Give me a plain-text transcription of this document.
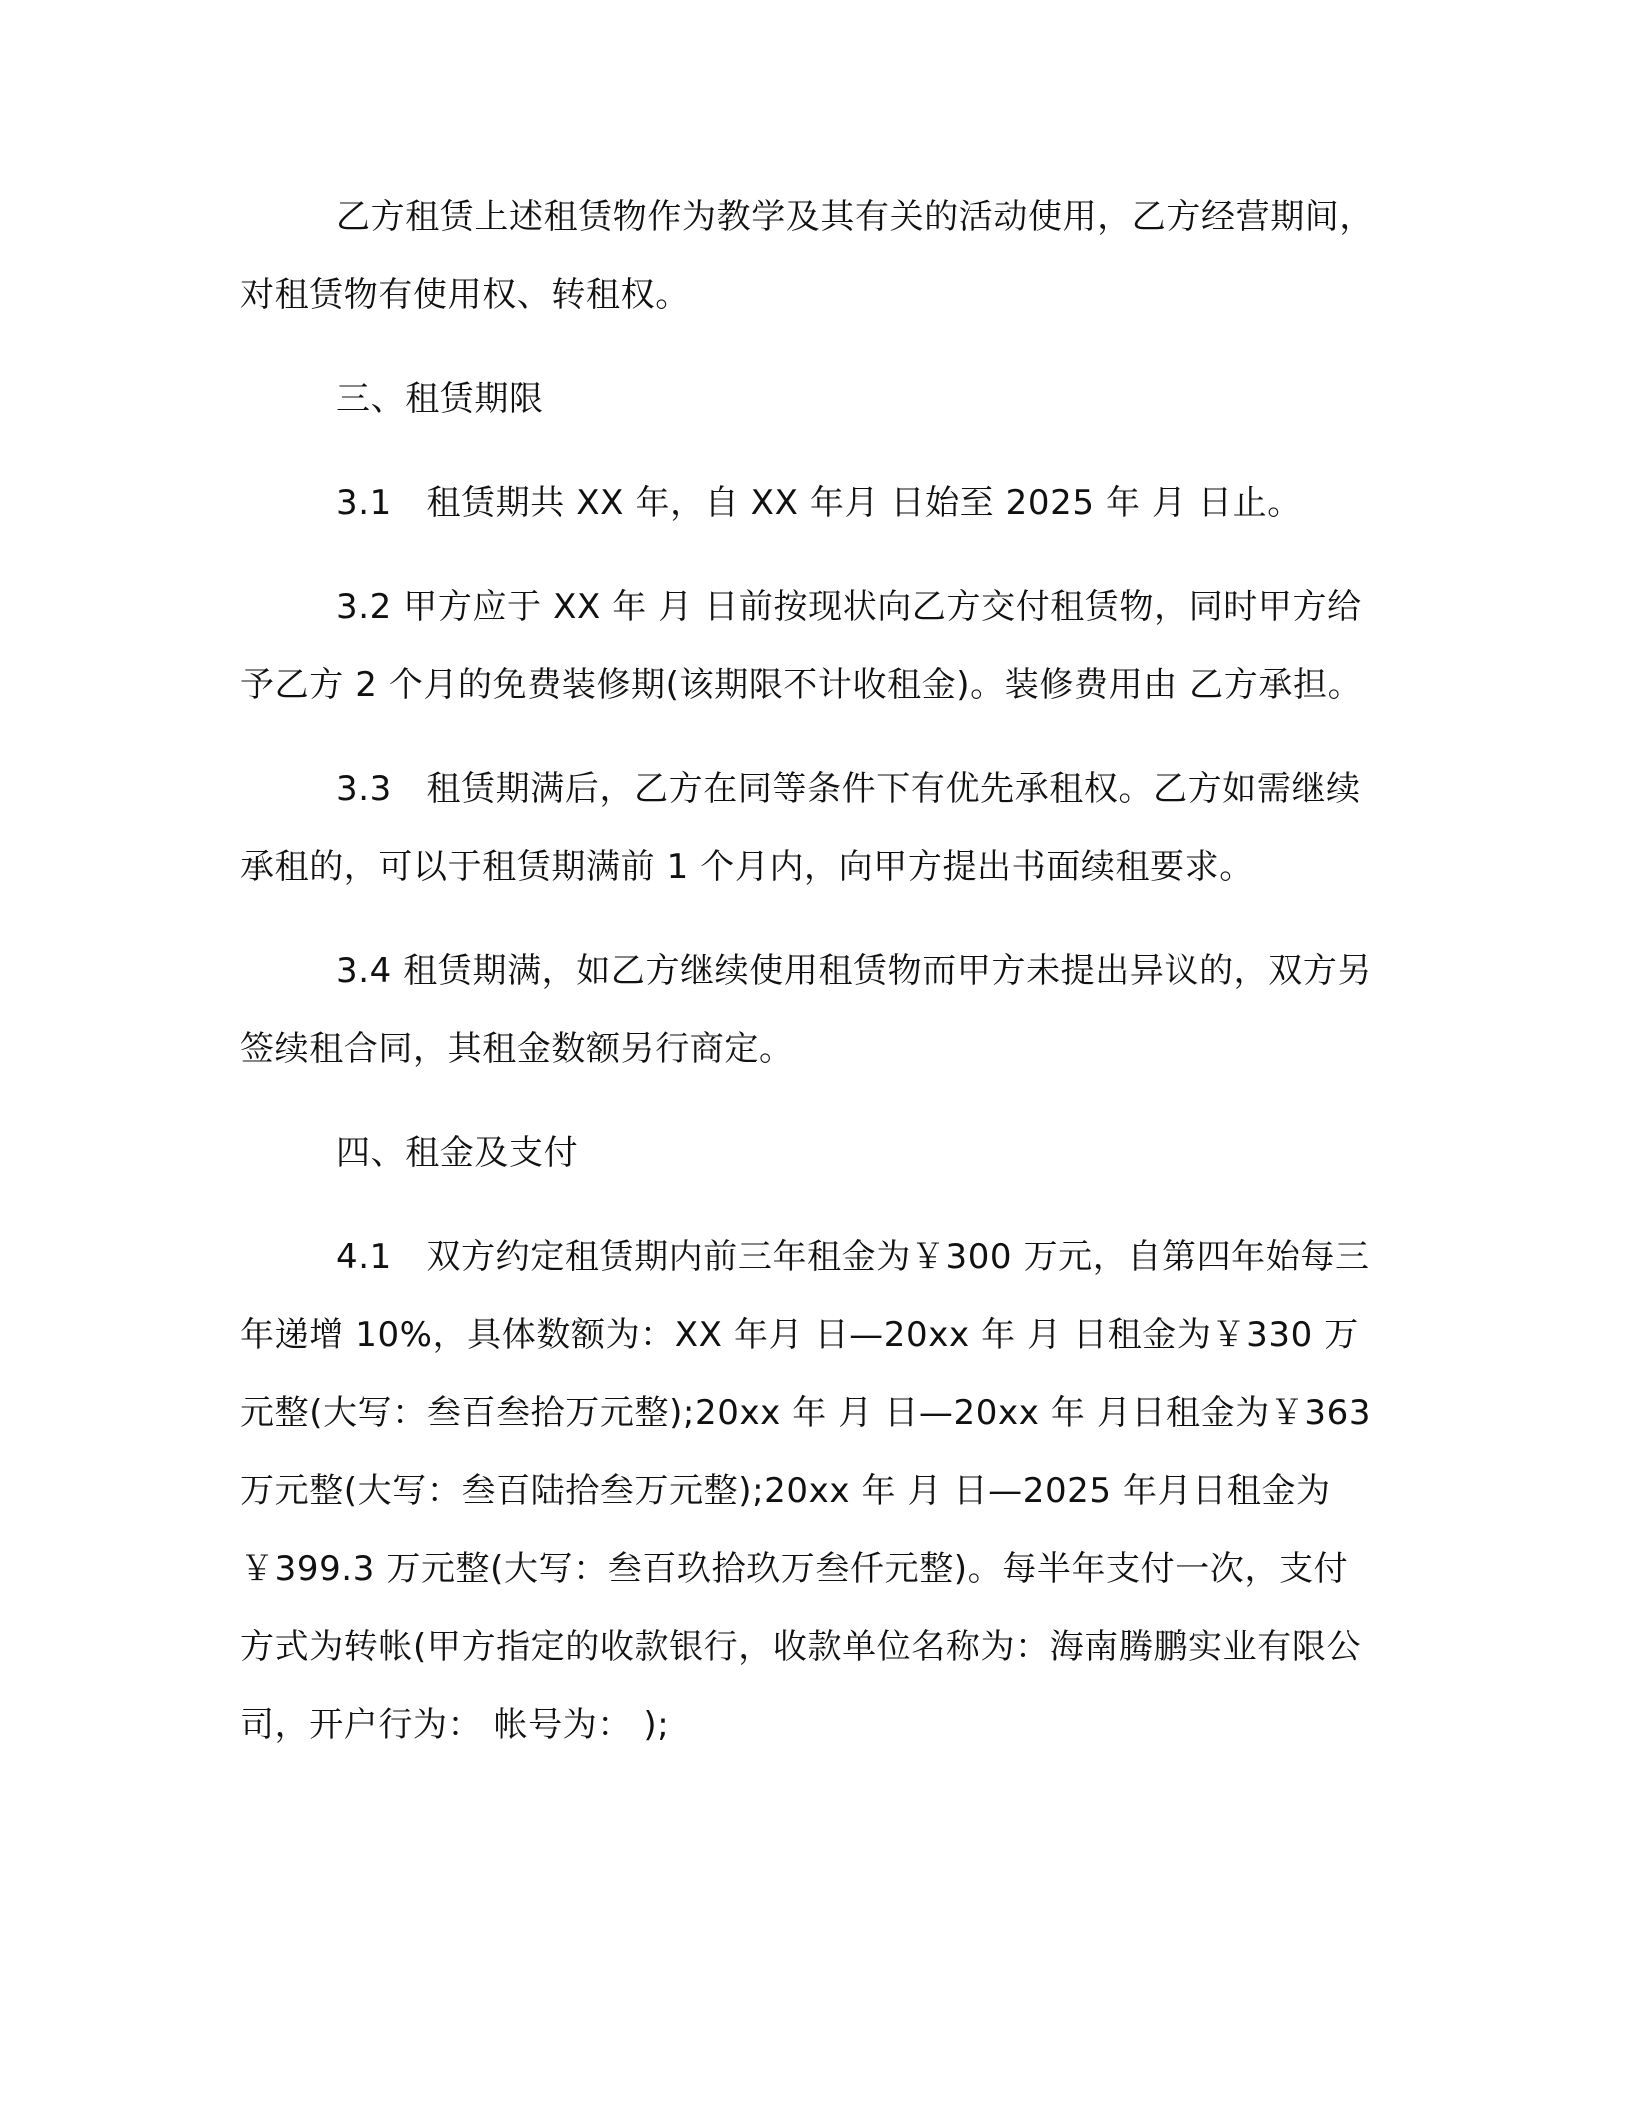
乙方租赁上述租赁物作为教学及其有关的活动使用，乙方经营期间，对租赁物有使用权、转租权。

三、租赁期限

3.1　租赁期共 XX 年，自 XX 年月 日始至 2025 年 月 日止。

3.2 甲方应于 XX 年 月 日前按现状向乙方交付租赁物，同时甲方给予乙方 2 个月的免费装修期(该期限不计收租金)。装修费用由 乙方承担。

3.3　租赁期满后，乙方在同等条件下有优先承租权。乙方如需继续承租的，可以于租赁期满前 1 个月内，向甲方提出书面续租要求。

3.4 租赁期满，如乙方继续使用租赁物而甲方未提出异议的，双方另签续租合同，其租金数额另行商定。

四、租金及支付

4.1　双方约定租赁期内前三年租金为￥300 万元，自第四年始每三年递增 10%，具体数额为：XX 年月 日—20xx 年 月 日租金为￥330 万元整(大写：叁百叁拾万元整);20xx 年 月 日—20xx 年 月日租金为￥363 万元整(大写：叁百陆拾叁万元整);20xx 年 月 日—2025 年月日租金为￥399.3 万元整(大写：叁百玖拾玖万叁仟元整)。每半年支付一次，支付方式为转帐(甲方指定的收款银行，收款单位名称为：海南腾鹏实业有限公司，开户行为： 帐号为： );
